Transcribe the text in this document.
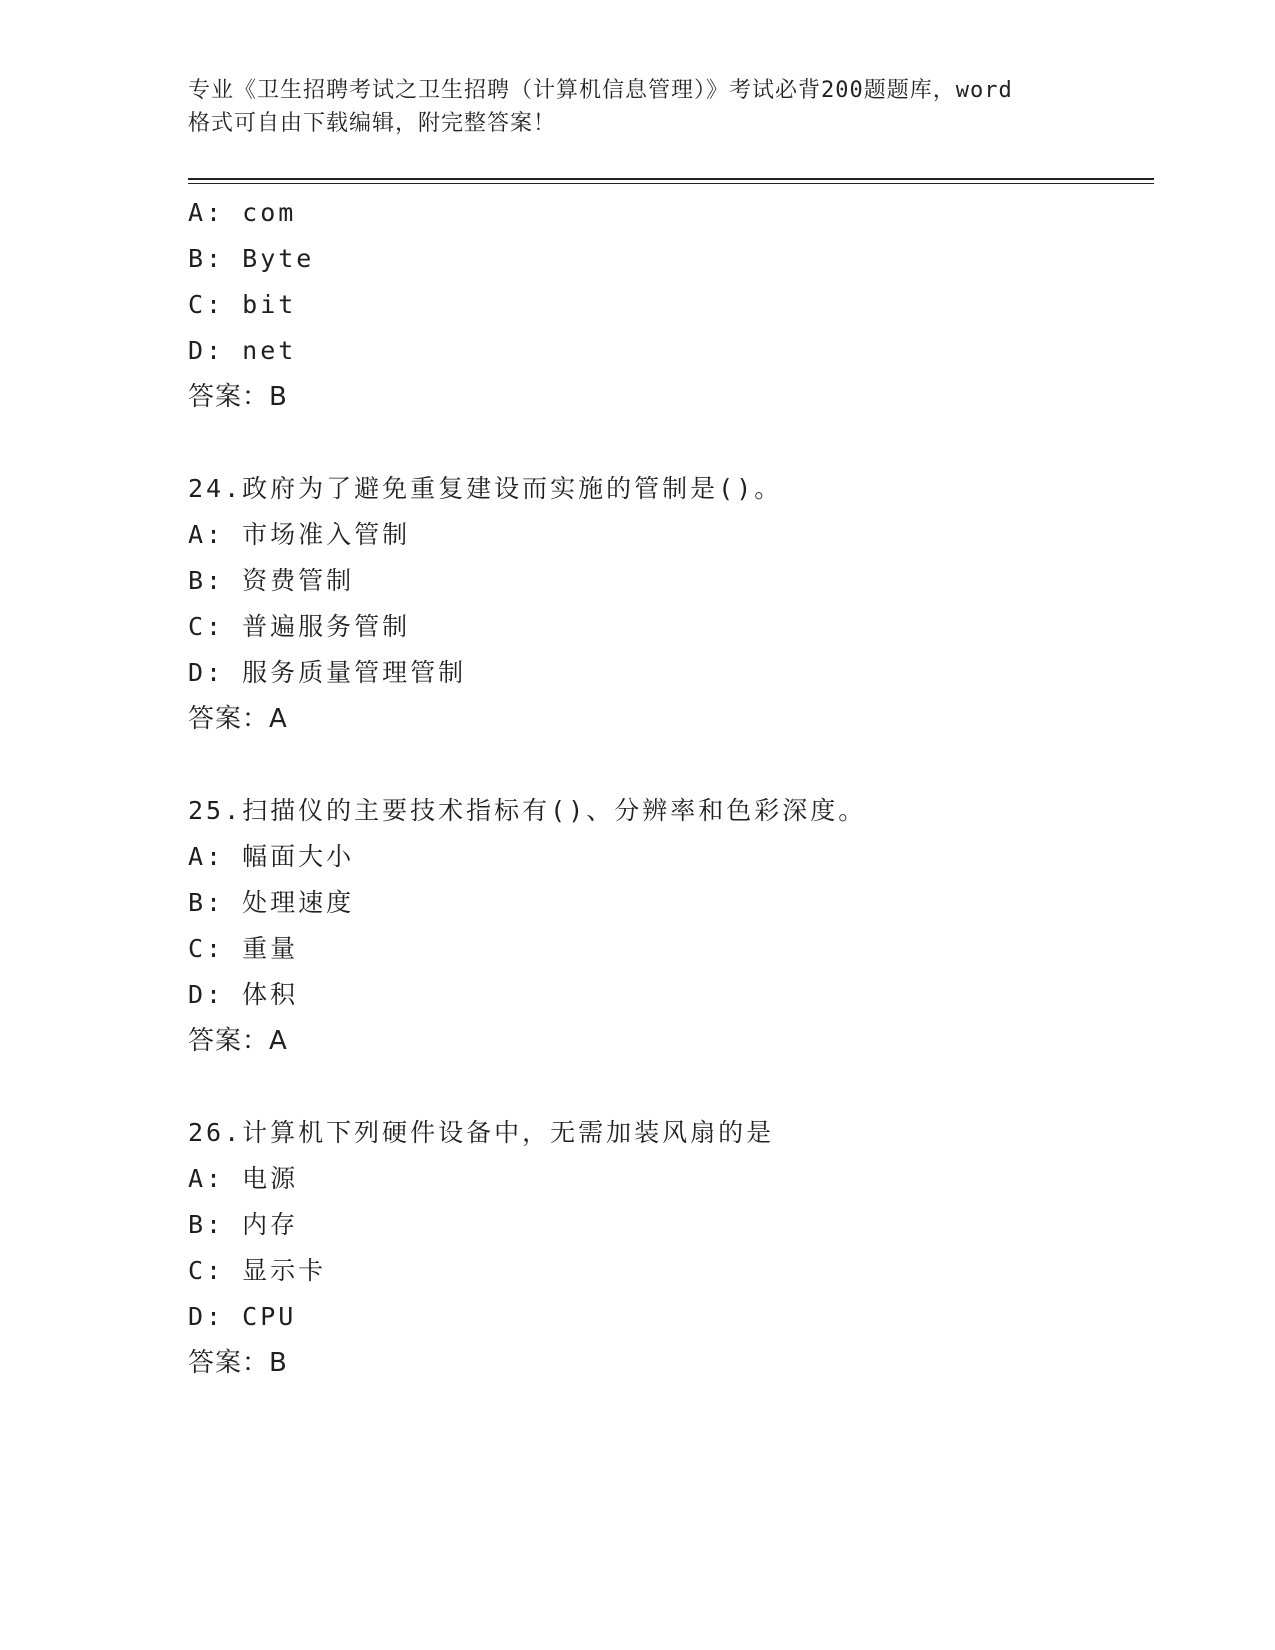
专业《卫生招聘考试之卫生招聘（计算机信息管理）》考试必背200题题库，word
格式可自由下载编辑，附完整答案！
A: com
B: Byte
C: bit
D: net
答案：B
24.政府为了避免重复建设而实施的管制是()。
A: 市场准入管制
B: 资费管制
C: 普遍服务管制
D: 服务质量管理管制
答案：A
25.扫描仪的主要技术指标有()、分辨率和色彩深度。
A: 幅面大小
B: 处理速度
C: 重量
D: 体积
答案：A
26.计算机下列硬件设备中，无需加装风扇的是
A: 电源
B: 内存
C: 显示卡
D: CPU
答案：B
